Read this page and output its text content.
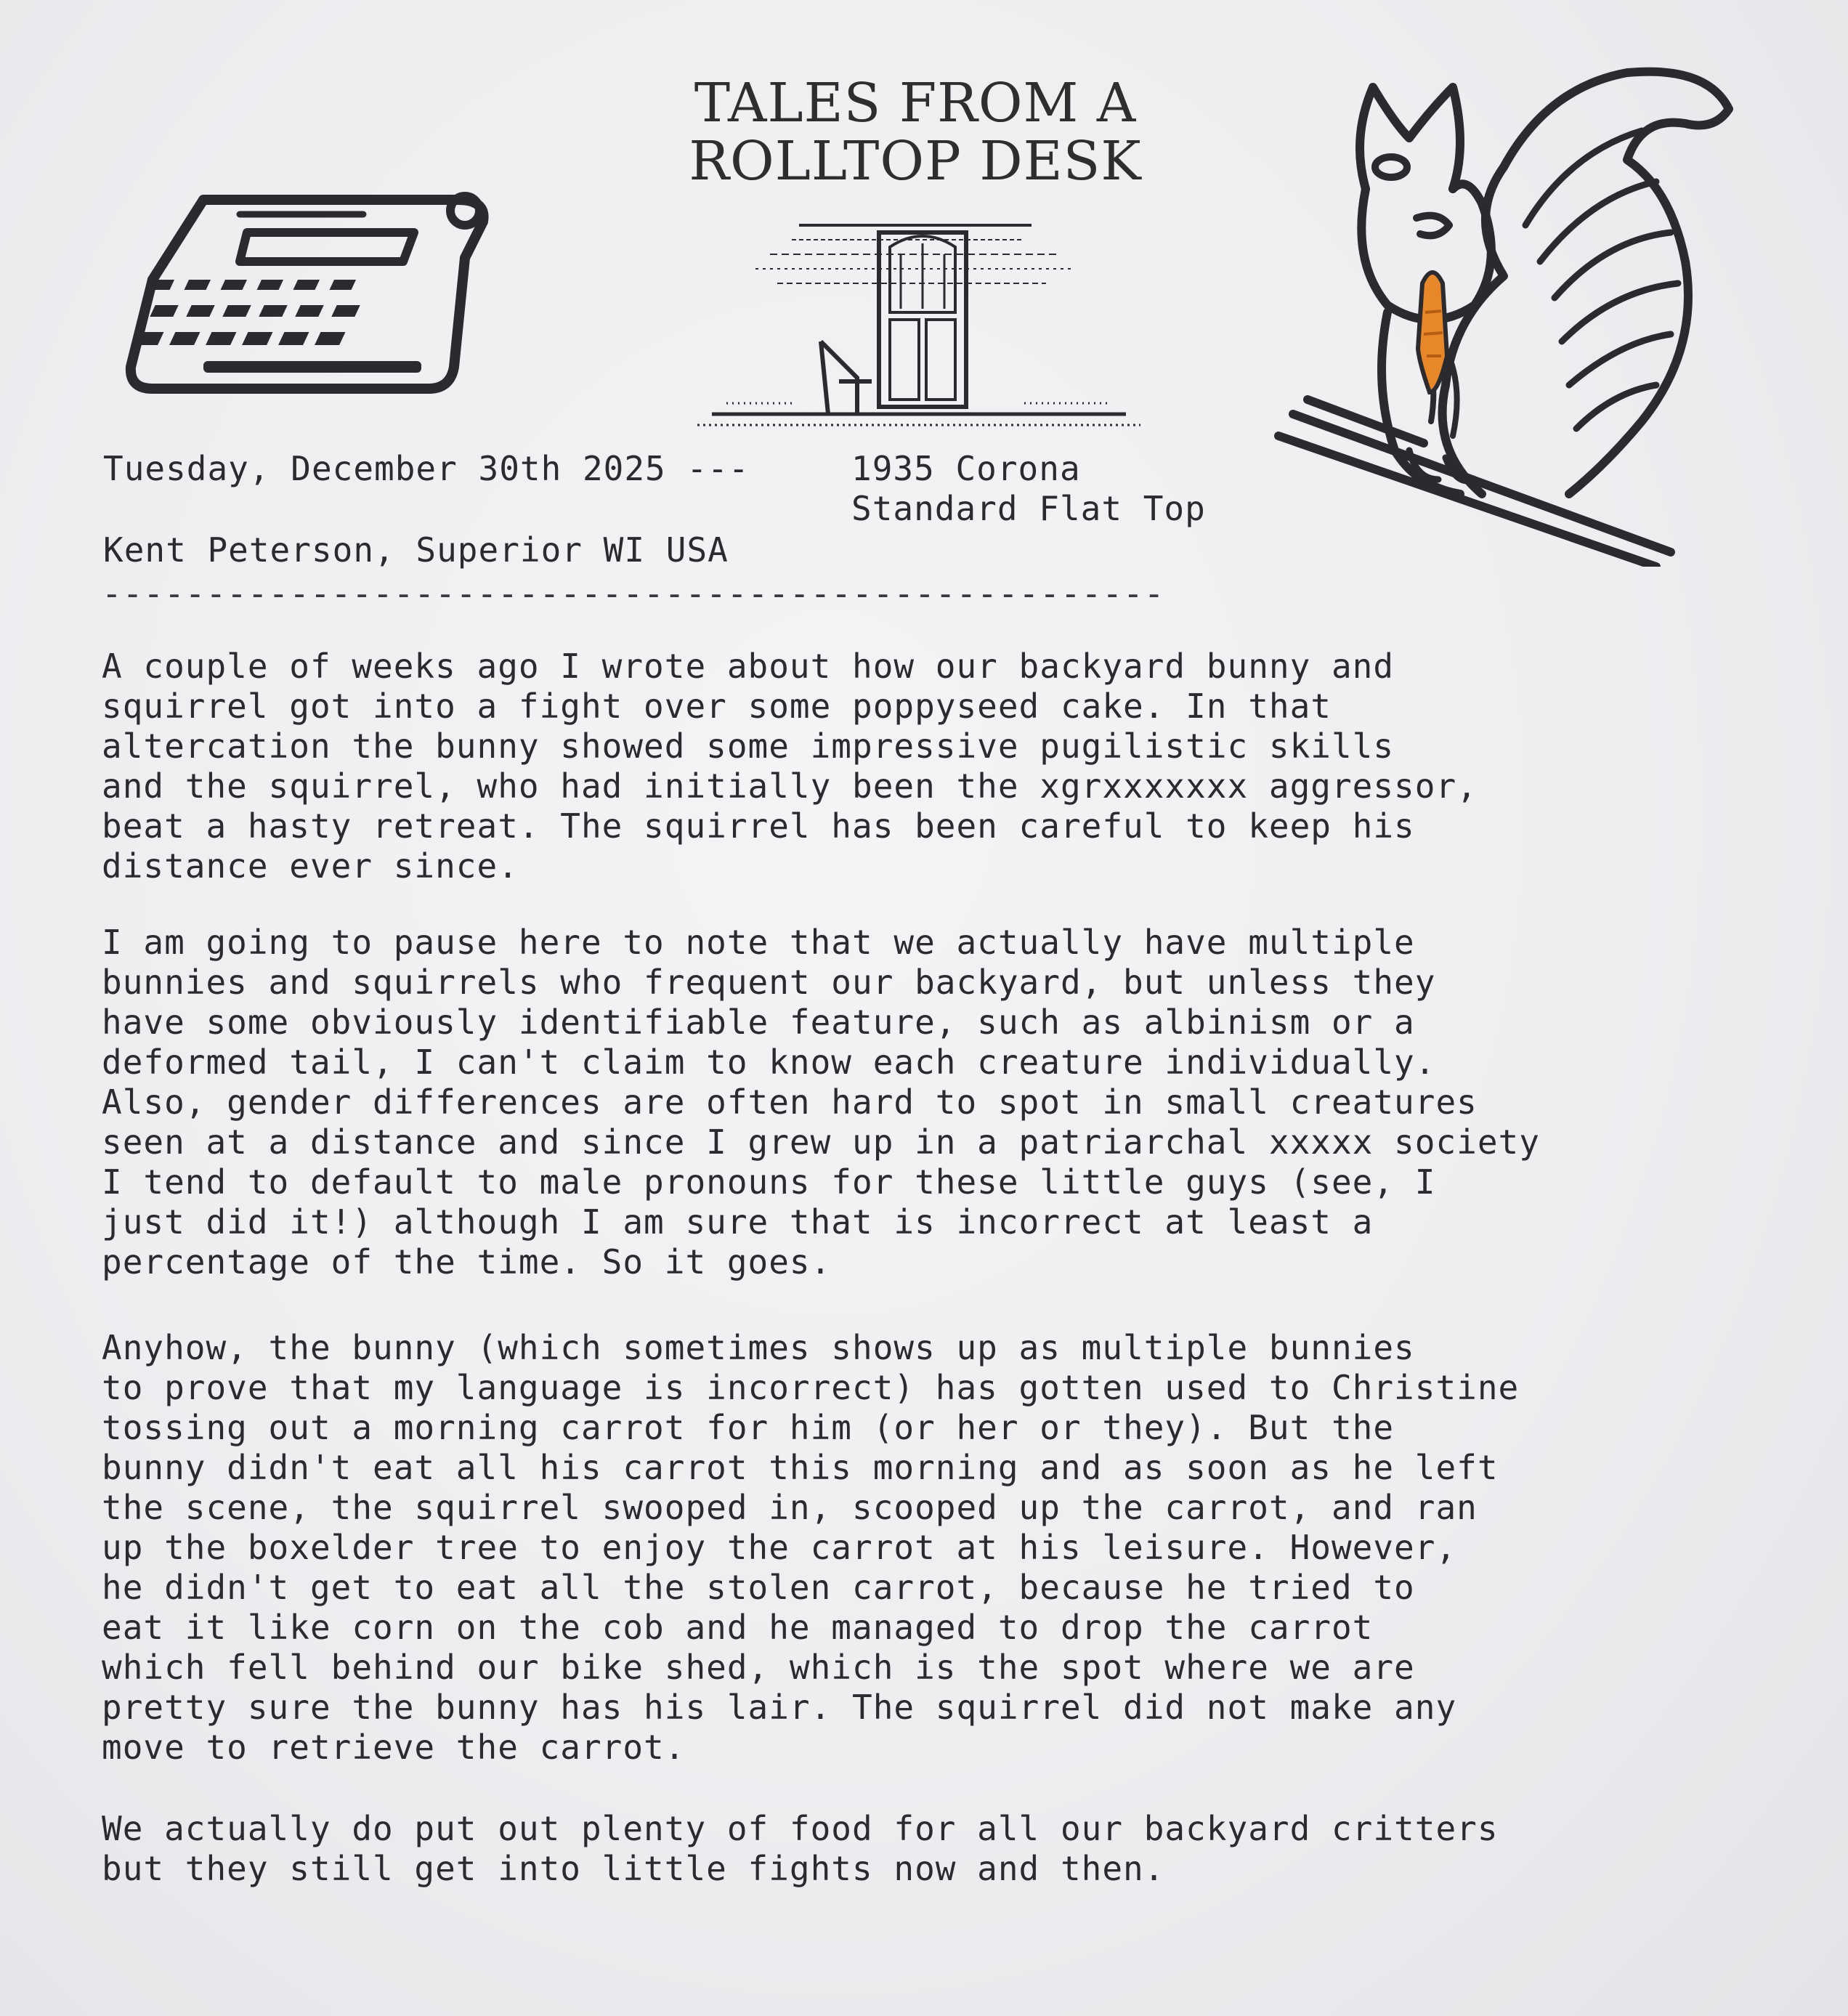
TALES FROM A
ROLLTOP DESK
Tuesday, December 30th 2025 ---	1935 Corona
Standard Flat Top
Kent Peterson, Superior WI USA
---------------------------------------------------
A couple of weeks ago I wrote about how our backyard bunny and
squirrel got into a fight over some poppyseed cake. In that
altercation the bunny showed some impressive pugilistic skills
and the squirrel, who had initially been the xgrxxxxxxx aggressor,
beat a hasty retreat. The squirrel has been careful to keep his
distance ever since.
I am going to pause here to note that we actually have multiple
bunnies and squirrels who frequent our backyard, but unless they
have some obviously identifiable feature, such as albinism or a
deformed tail, I can't claim to know each creature individually.
Also, gender differences are often hard to spot in small creatures
seen at a distance and since I grew up in a patriarchal xxxxx society
I tend to default to male pronouns for these little guys (see, I
just did it!) although I am sure that is incorrect at least a
percentage of the time. So it goes.
Anyhow, the bunny (which sometimes shows up as multiple bunnies
to prove that my language is incorrect) has gotten used to Christine
tossing out a morning carrot for him (or her or they). But the
bunny didn't eat all his carrot this morning and as soon as he left
the scene, the squirrel swooped in, scooped up the carrot, and ran
up the boxelder tree to enjoy the carrot at his leisure. However,
he didn't get to eat all the stolen carrot, because he tried to
eat it like corn on the cob and he managed to drop the carrot
which fell behind our bike shed, which is the spot where we are
pretty sure the bunny has his lair. The squirrel did not make any
move to retrieve the carrot.
We actually do put out plenty of food for all our backyard critters
but they still get into little fights now and then.
